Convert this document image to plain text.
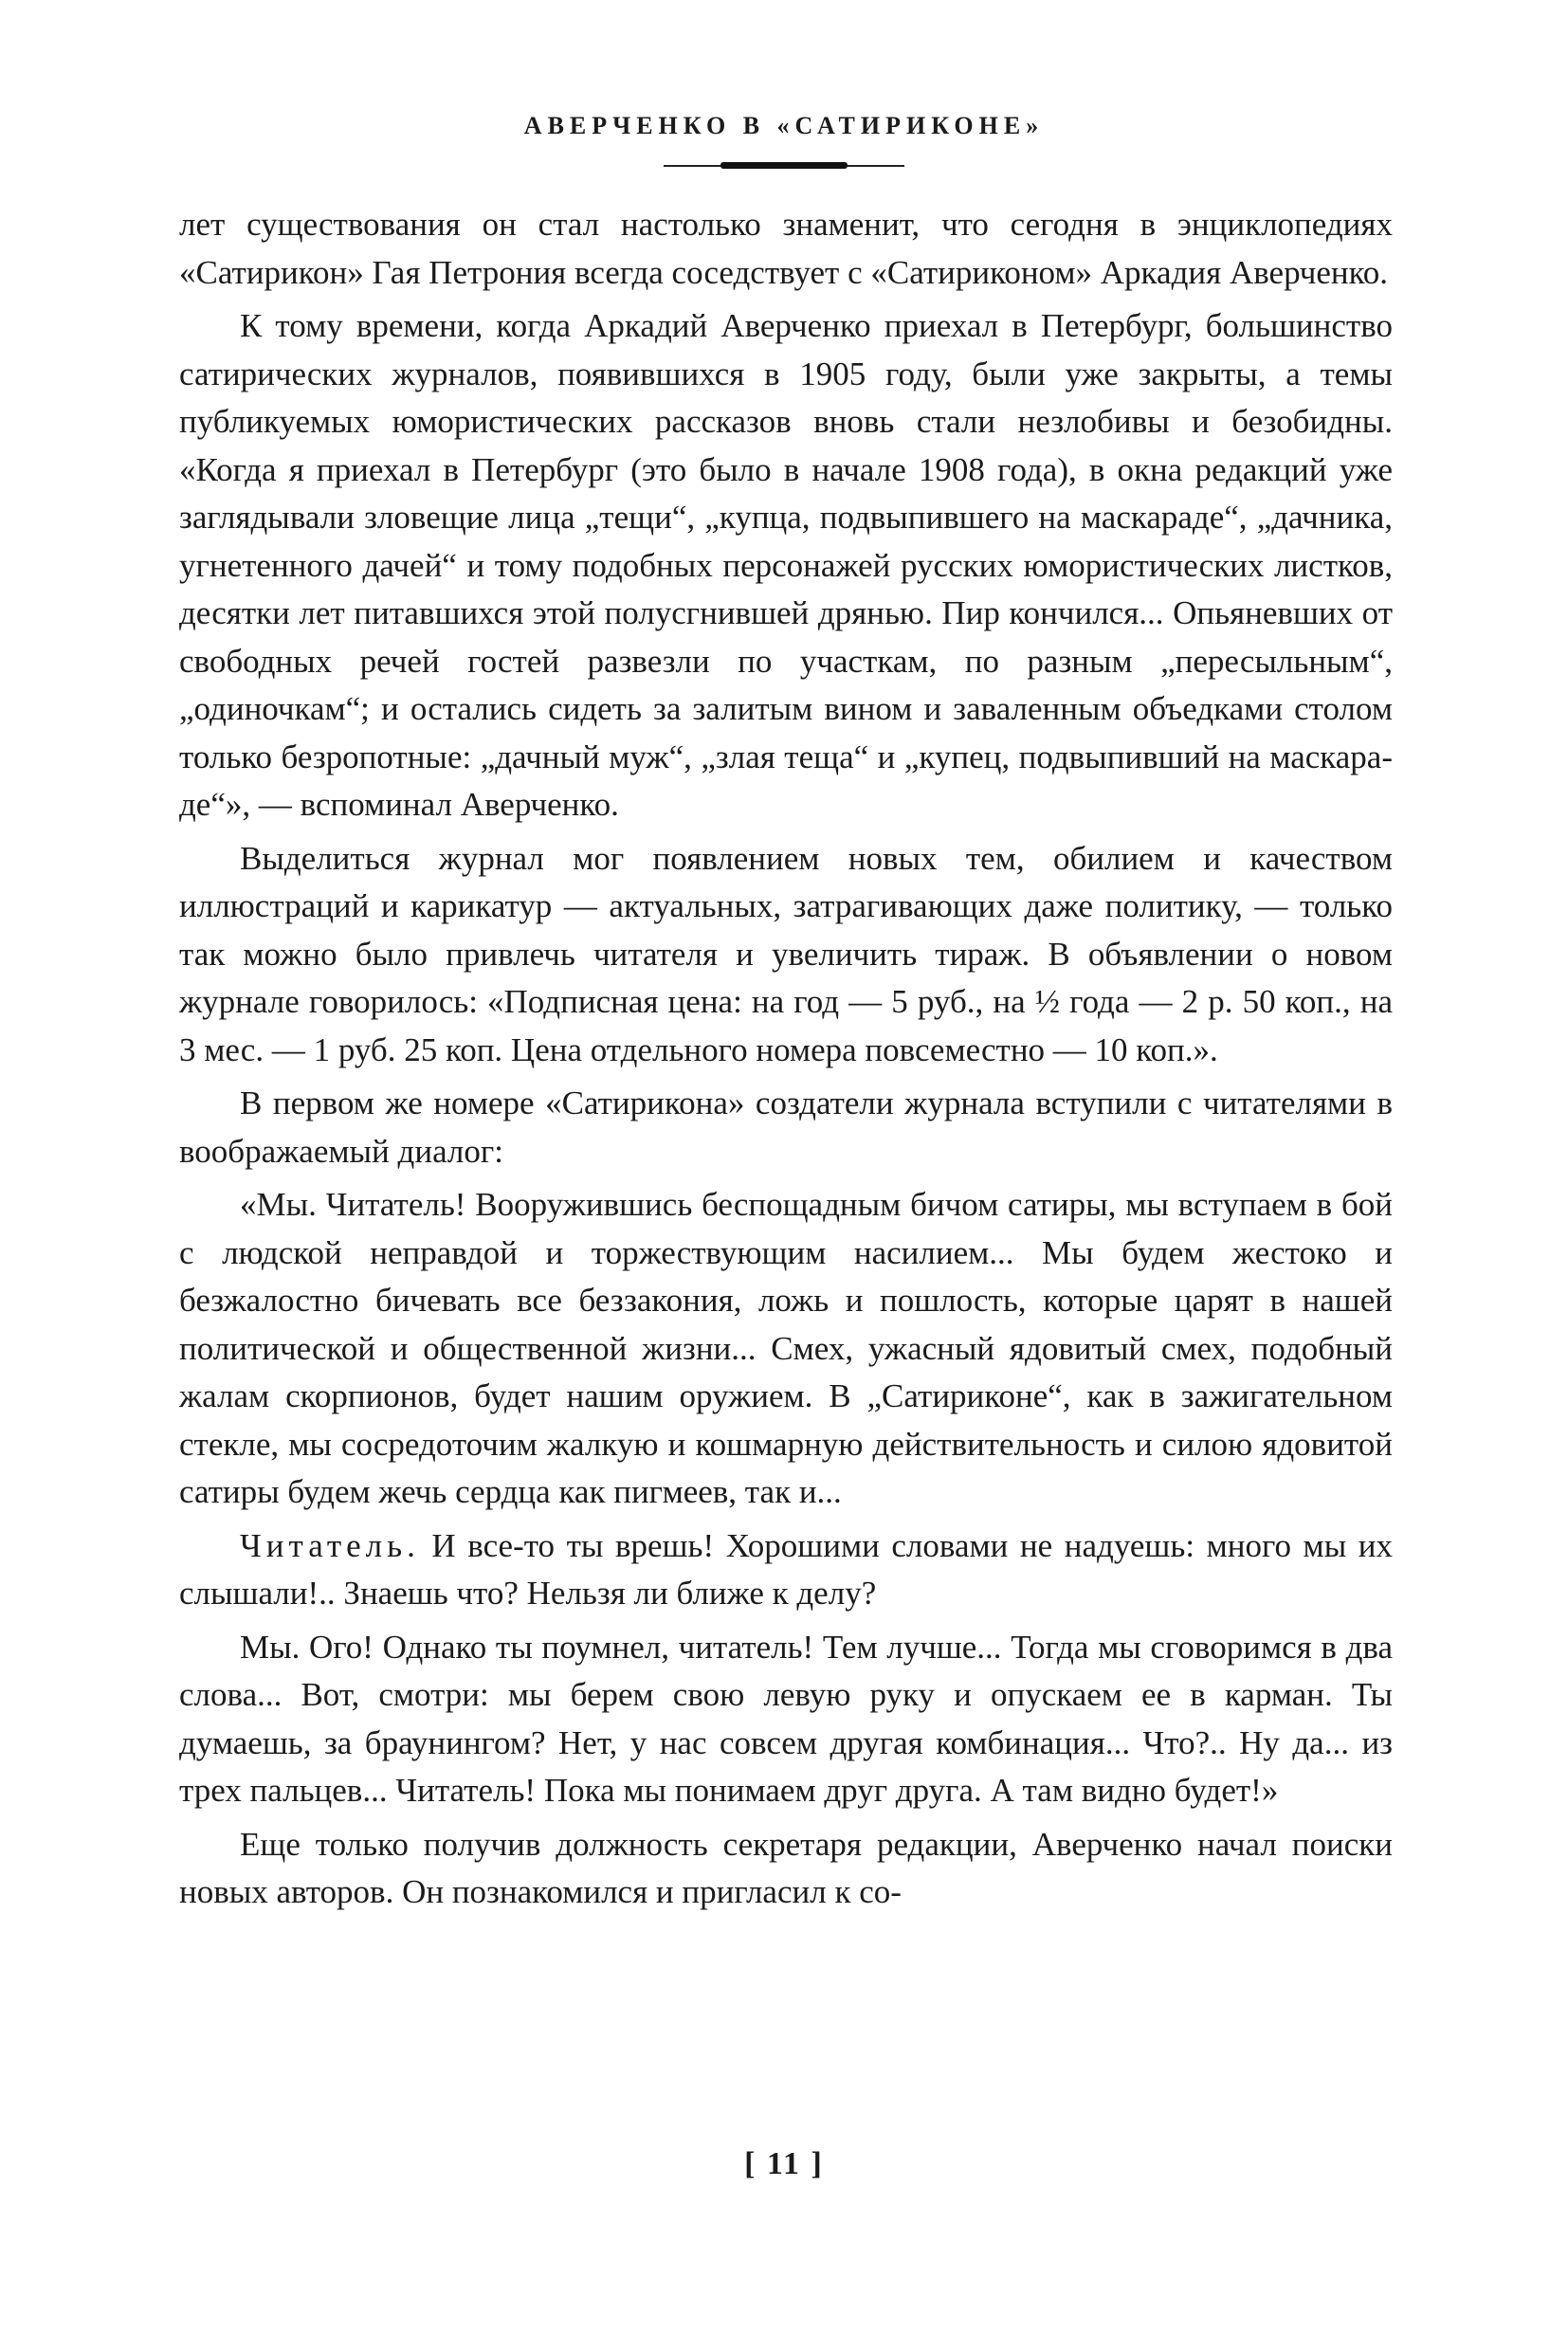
АВЕРЧЕНКО В «САТИРИКОНЕ»

лет существования он стал настолько знаменит, что сегодня в энциклопедиях «Сатирикон» Гая Петрония всегда соседствует с «Сатириконом» Аркадия Аверченко.

К тому времени, когда Аркадий Аверченко приехал в Петербург, большинство сатирических журналов, появившихся в 1905 году, были уже закрыты, а темы публикуемых юмористических рассказов вновь стали незлобивы и безобидны. «Когда я приехал в Петербург (это было в начале 1908 года), в окна редакций уже заглядывали зловещие лица „тещи“, „купца, подвыпившего на маскараде“, „дачника, угнетенного дачей“ и тому подобных персонажей русских юмористических листков, десятки лет питавшихся этой полусгнившей дрянью. Пир кончился... Опьяневших от свободных речей гостей развезли по участкам, по разным „пересыльным“, „одиночкам“; и остались сидеть за залитым вином и заваленным объедками столом только безропотные: „дачный муж“, „злая теща“ и „купец, подвыпивший на маскараде“», — вспоминал Аверченко.

Выделиться журнал мог появлением новых тем, обилием и качеством иллюстраций и карикатур — актуальных, затрагивающих даже политику, — только так можно было привлечь читателя и увеличить тираж. В объявлении о новом журнале говорилось: «Подписная цена: на год — 5 руб., на ½ года — 2 р. 50 коп., на 3 мес. — 1 руб. 25 коп. Цена отдельного номера повсеместно — 10 коп.».

В первом же номере «Сатирикона» создатели журнала вступили с читателями в воображаемый диалог:

«Мы. Читатель! Вооружившись беспощадным бичом сатиры, мы вступаем в бой с людской неправдой и торжествующим насилием... Мы будем жестоко и безжалостно бичевать все беззакония, ложь и пошлость, которые царят в нашей политической и общественной жизни... Смех, ужасный ядовитый смех, подобный жалам скорпионов, будет нашим оружием. В „Сатириконе“, как в зажигательном стекле, мы сосредоточим жалкую и кошмарную действительность и силою ядовитой сатиры будем жечь сердца как пигмеев, так и...

Читатель. И все-то ты врешь! Хорошими словами не надуешь: много мы их слышали!.. Знаешь что? Нельзя ли ближе к делу?

Мы. Ого! Однако ты поумнел, читатель! Тем лучше... Тогда мы сговоримся в два слова... Вот, смотри: мы берем свою левую руку и опускаем ее в карман. Ты думаешь, за браунингом? Нет, у нас совсем другая комбинация... Что?.. Ну да... из трех пальцев... Читатель! Пока мы понимаем друг друга. А там видно будет!»

Еще только получив должность секретаря редакции, Аверченко начал поиски новых авторов. Он познакомился и пригласил к со-

[ 11 ]
